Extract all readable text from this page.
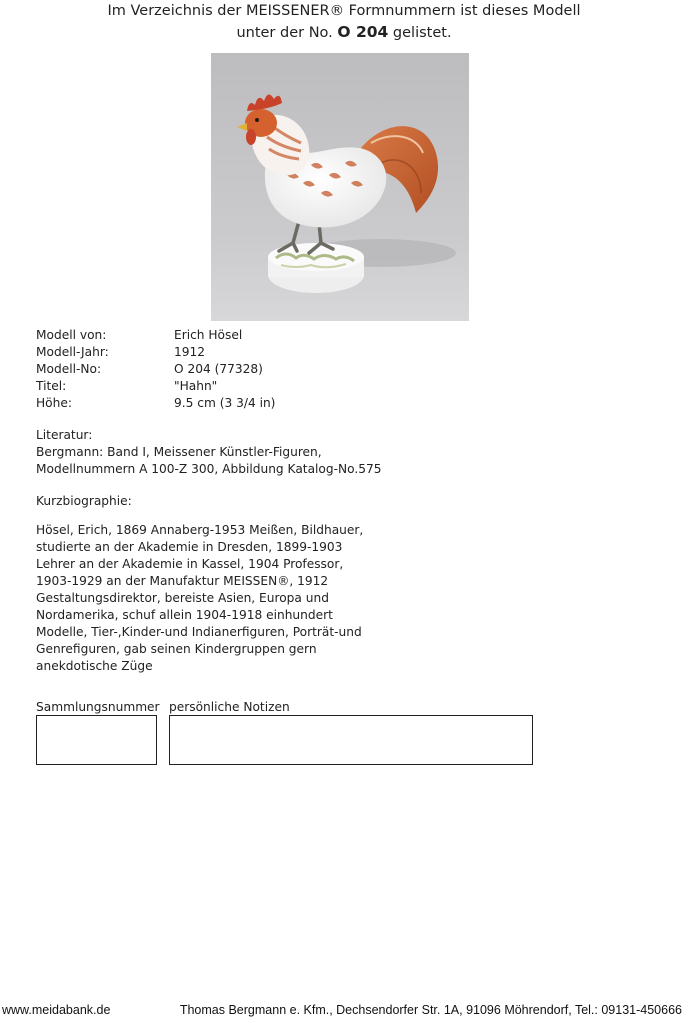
Im Verzeichnis der MEISSENER® Formnummern ist dieses Modell
unter der No. O 204 gelistet.
Modell von:	Erich Hösel
Modell-Jahr:	1912
Modell-No:	O 204 (77328)
Titel:	"Hahn"
Höhe:	9.5 cm (3 3/4 in)
Literatur:
Bergmann: Band I, Meissener Künstler-Figuren,
Modellnummern A 100-Z 300, Abbildung Katalog-No.575
Kurzbiographie:
Hösel, Erich, 1869 Annaberg-1953 Meißen, Bildhauer,
studierte an der Akademie in Dresden, 1899-1903
Lehrer an der Akademie in Kassel, 1904 Professor,
1903-1929 an der Manufaktur MEISSEN®, 1912
Gestaltungsdirektor, bereiste Asien, Europa und
Nordamerika, schuf allein 1904-1918 einhundert
Modelle, Tier-,Kinder-und Indianerfiguren, Porträt-und
Genrefiguren, gab seinen Kindergruppen gern
anekdotische Züge
Sammlungsnummer persönliche Notizen
www.meidabank.de	Thomas Bergmann e. Kfm., Dechsendorfer Str. 1A, 91096 Möhrendorf, Tel.: 09131-450666
